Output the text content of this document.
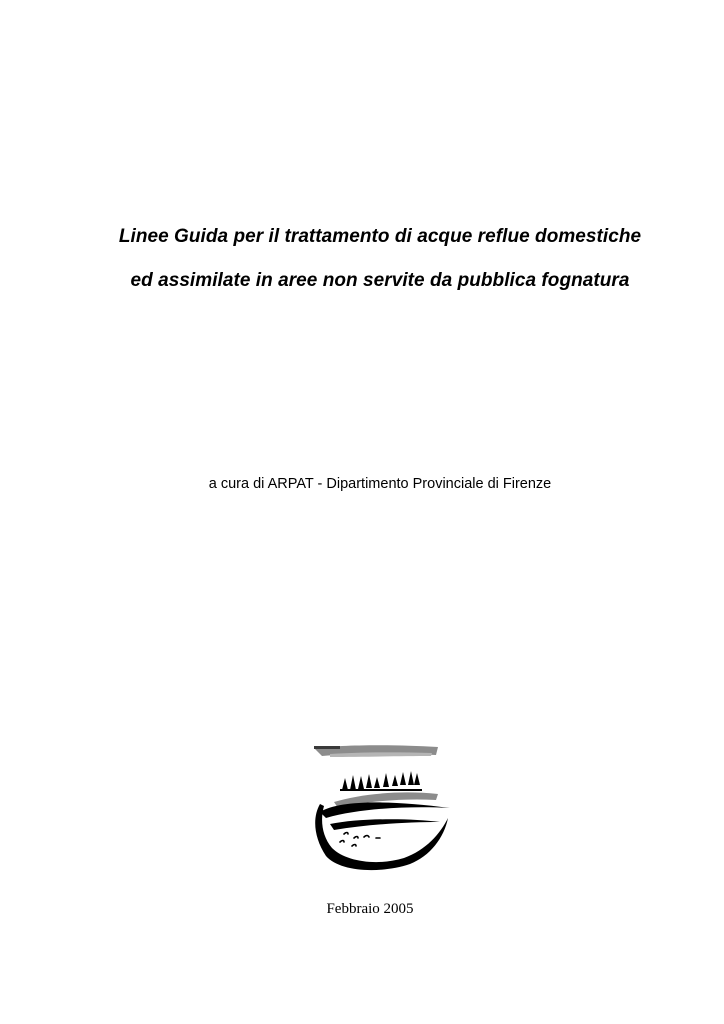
Linee Guida per il trattamento di acque reflue domestiche
ed assimilate in aree non servite da pubblica fognatura
a cura di ARPAT - Dipartimento Provinciale di Firenze
Febbraio 2005
